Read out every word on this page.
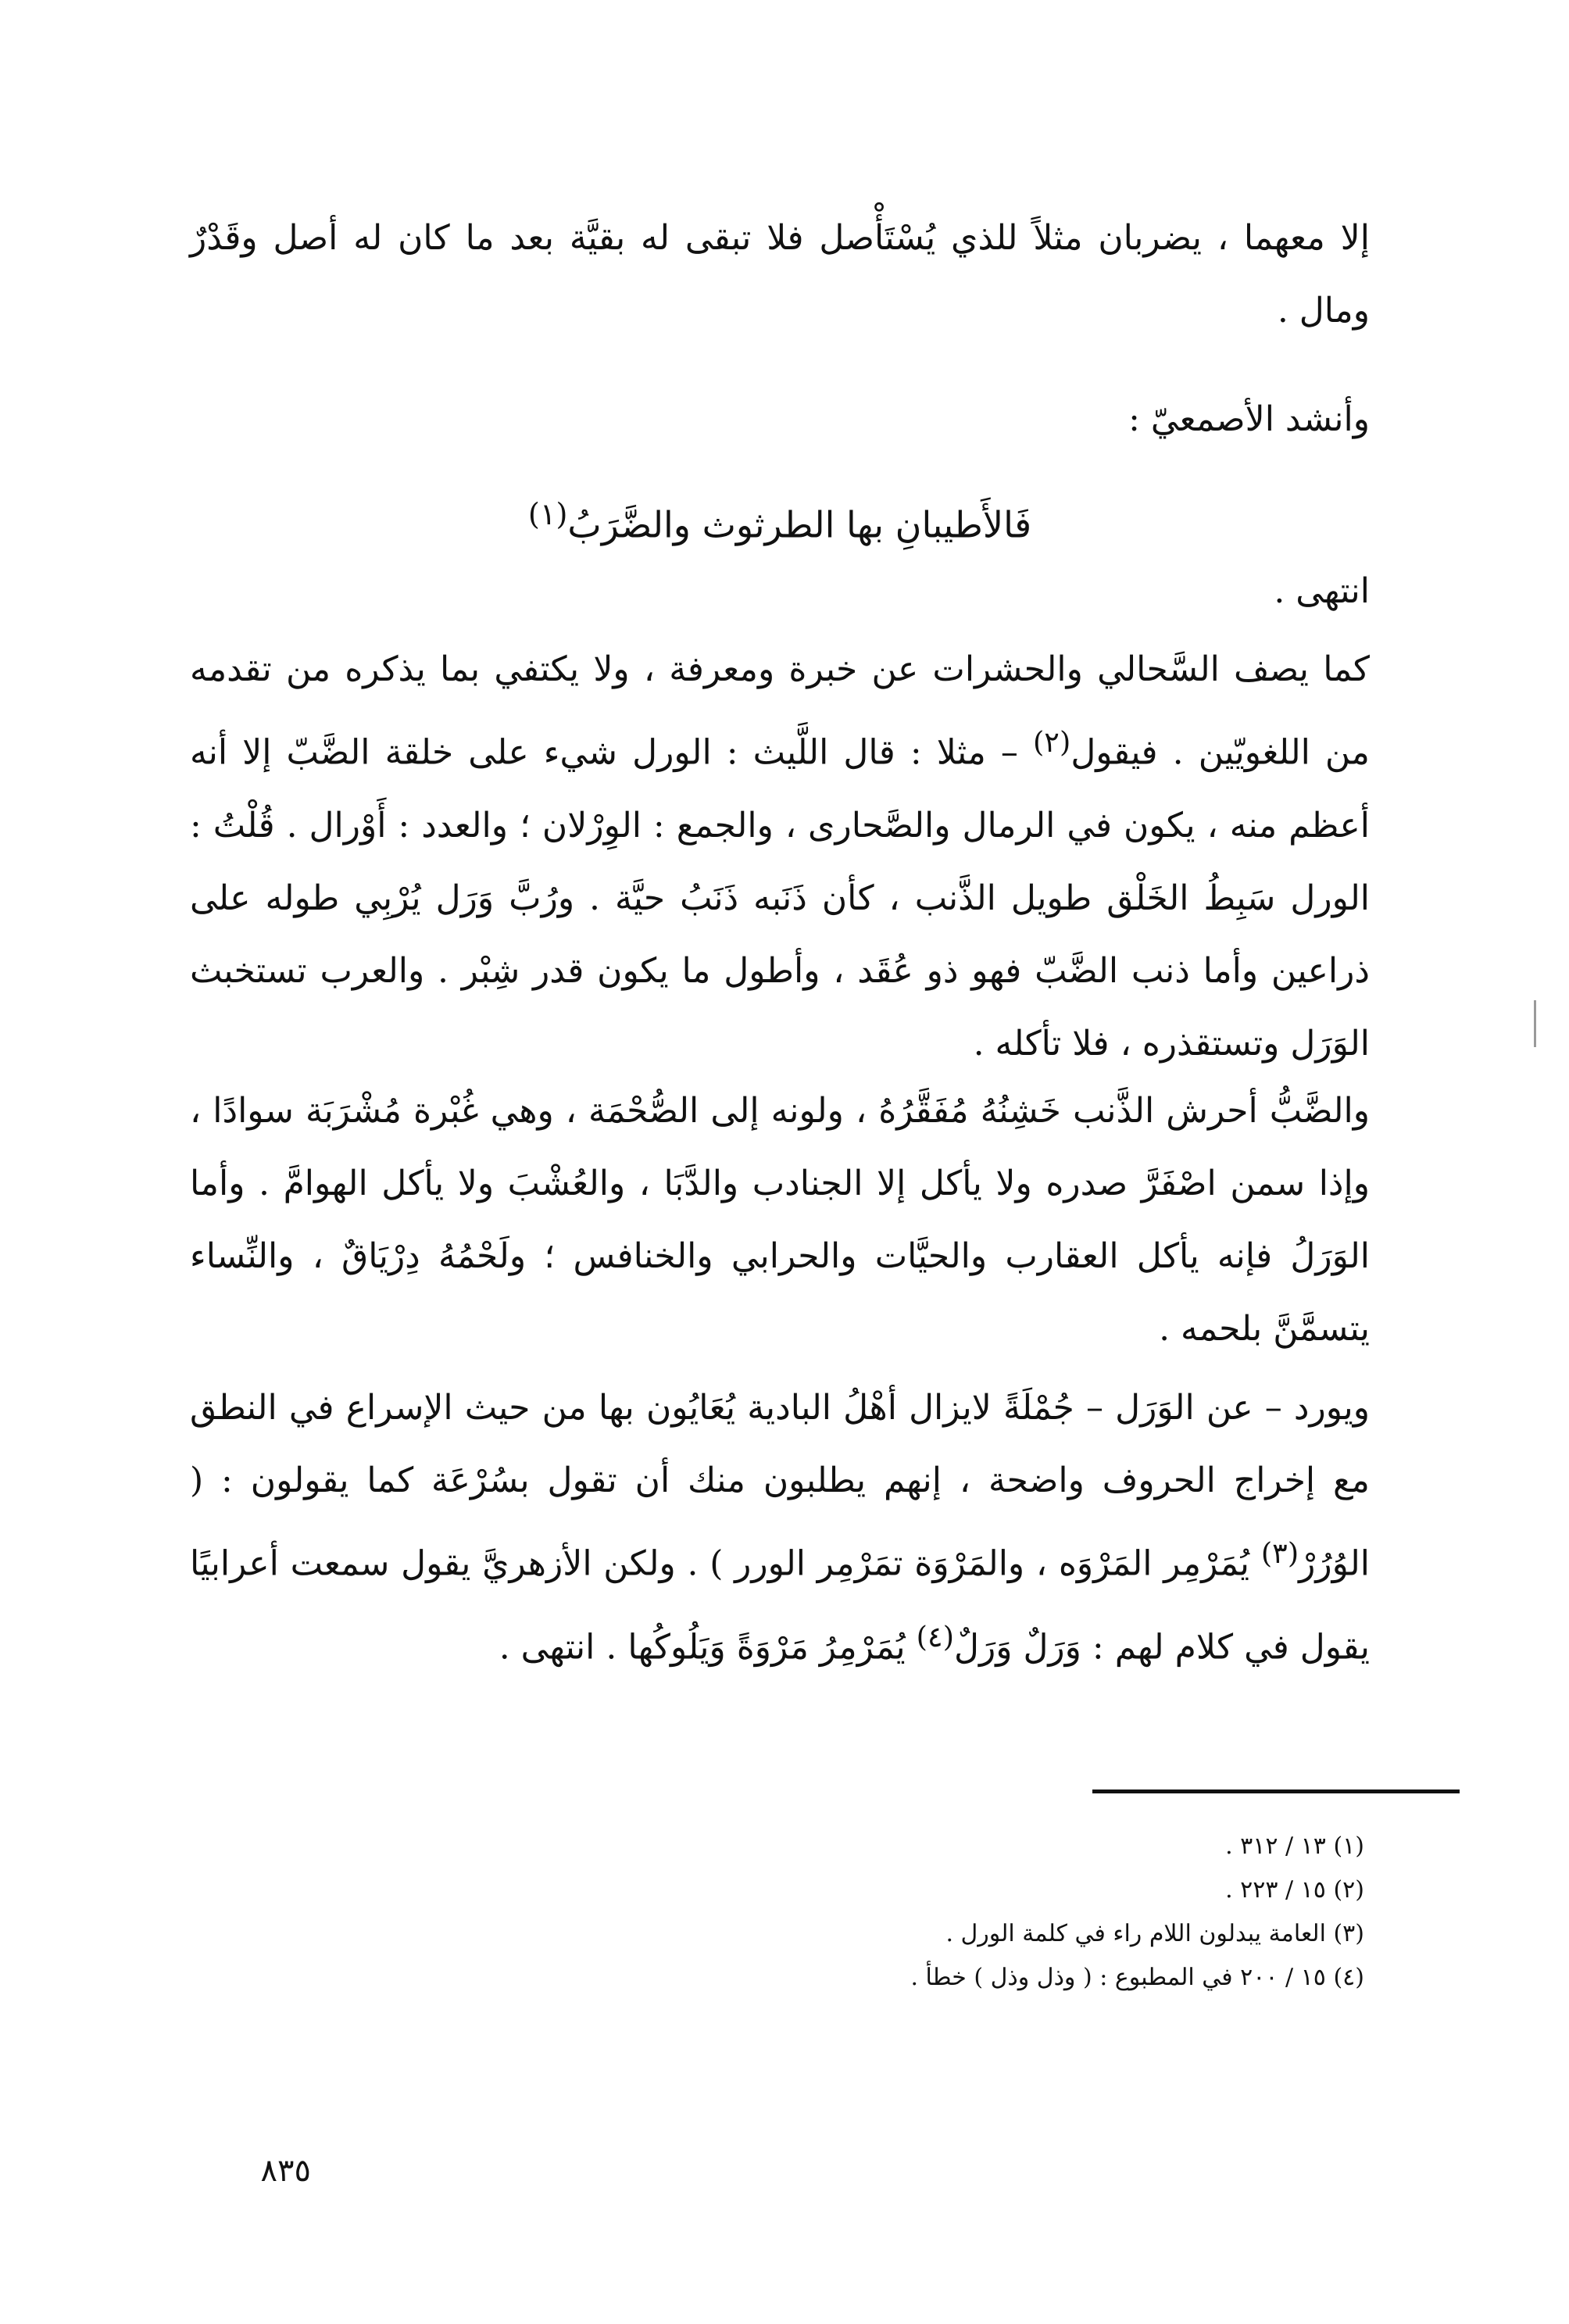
إلا معهما ، يضربان مثلاً للذي يُسْتَأْصل فلا تبقى له بقيَّة بعد ما كان له أصل وقَدْرٌ ومال .

وأنشد الأصمعيّ :

فَالأَطيبانِ بها الطرثوث والضَّرَبُ$^{(١)}$

انتهى .

كما يصف السَّحالي والحشرات عن خبرة ومعرفة ، ولا يكتفي بما يذكره من تقدمه من اللغويّين . فيقول$^{(٢)}$ – مثلا : قال اللَّيث : الورل شيء على خلقة الضَّبّ إلا أنه أعظم منه ، يكون في الرمال والصَّحارى ، والجمع : الوِرْلان ؛ والعدد : أَوْرال . قُلْتُ : الورل سَبِطُ الخَلْق طويل الذَّنب ، كأن ذَنَبه ذَنَبُ حيَّة . ورُبَّ وَرَل يُرْبِي طوله على ذراعين وأما ذنب الضَّبّ فهو ذو عُقَد ، وأطول ما يكون قدر شِبْر . والعرب تستخبث الوَرَل وتستقذره ، فلا تأكله .

والضَّبُّ أحرش الذَّنب خَشِنُهُ مُفَقَّرُهُ ، ولونه إلى الصُّحْمَة ، وهي غُبْرة مُشْرَبَة سوادًا ، وإذا سمن اصْفَرَّ صدره ولا يأكل إلا الجنادب والدَّبَا ، والعُشْبَ ولا يأكل الهوامَّ . وأما الوَرَلُ فإنه يأكل العقارب والحيَّات والحرابي والخنافس ؛ ولَحْمُهُ دِرْيَاقٌ ، والنِّساء يتسمَّنَّ بلحمه .

ويورد – عن الوَرَل – جُمْلَةً لايزال أهْلُ البادية يُعَايُون بها من حيث الإسراع في النطق مع إخراج الحروف واضحة ، إنهم يطلبون منك أن تقول بسُرْعَة كما يقولون : ( الوُرُرْ$^{(٣)}$ يُمَرْمِر المَرْوَه ، والمَرْوَة تمَرْمِر الورر ) . ولكن الأزهريَّ يقول سمعت أعرابيًا يقول في كلام لهم : وَرَلٌ وَرَلٌ$^{(٤)}$ يُمَرْمِرُ مَرْوَةً وَيَلُوكُها . انتهى .

(١) ١٣ / ٣١٢ .
(٢) ١٥ / ٢٢٣ .
(٣) العامة يبدلون اللام راء في كلمة الورل .
(٤) ١٥ / ٢٠٠ في المطبوع : ( وذل وذل ) خطأ .
٨٣٥
